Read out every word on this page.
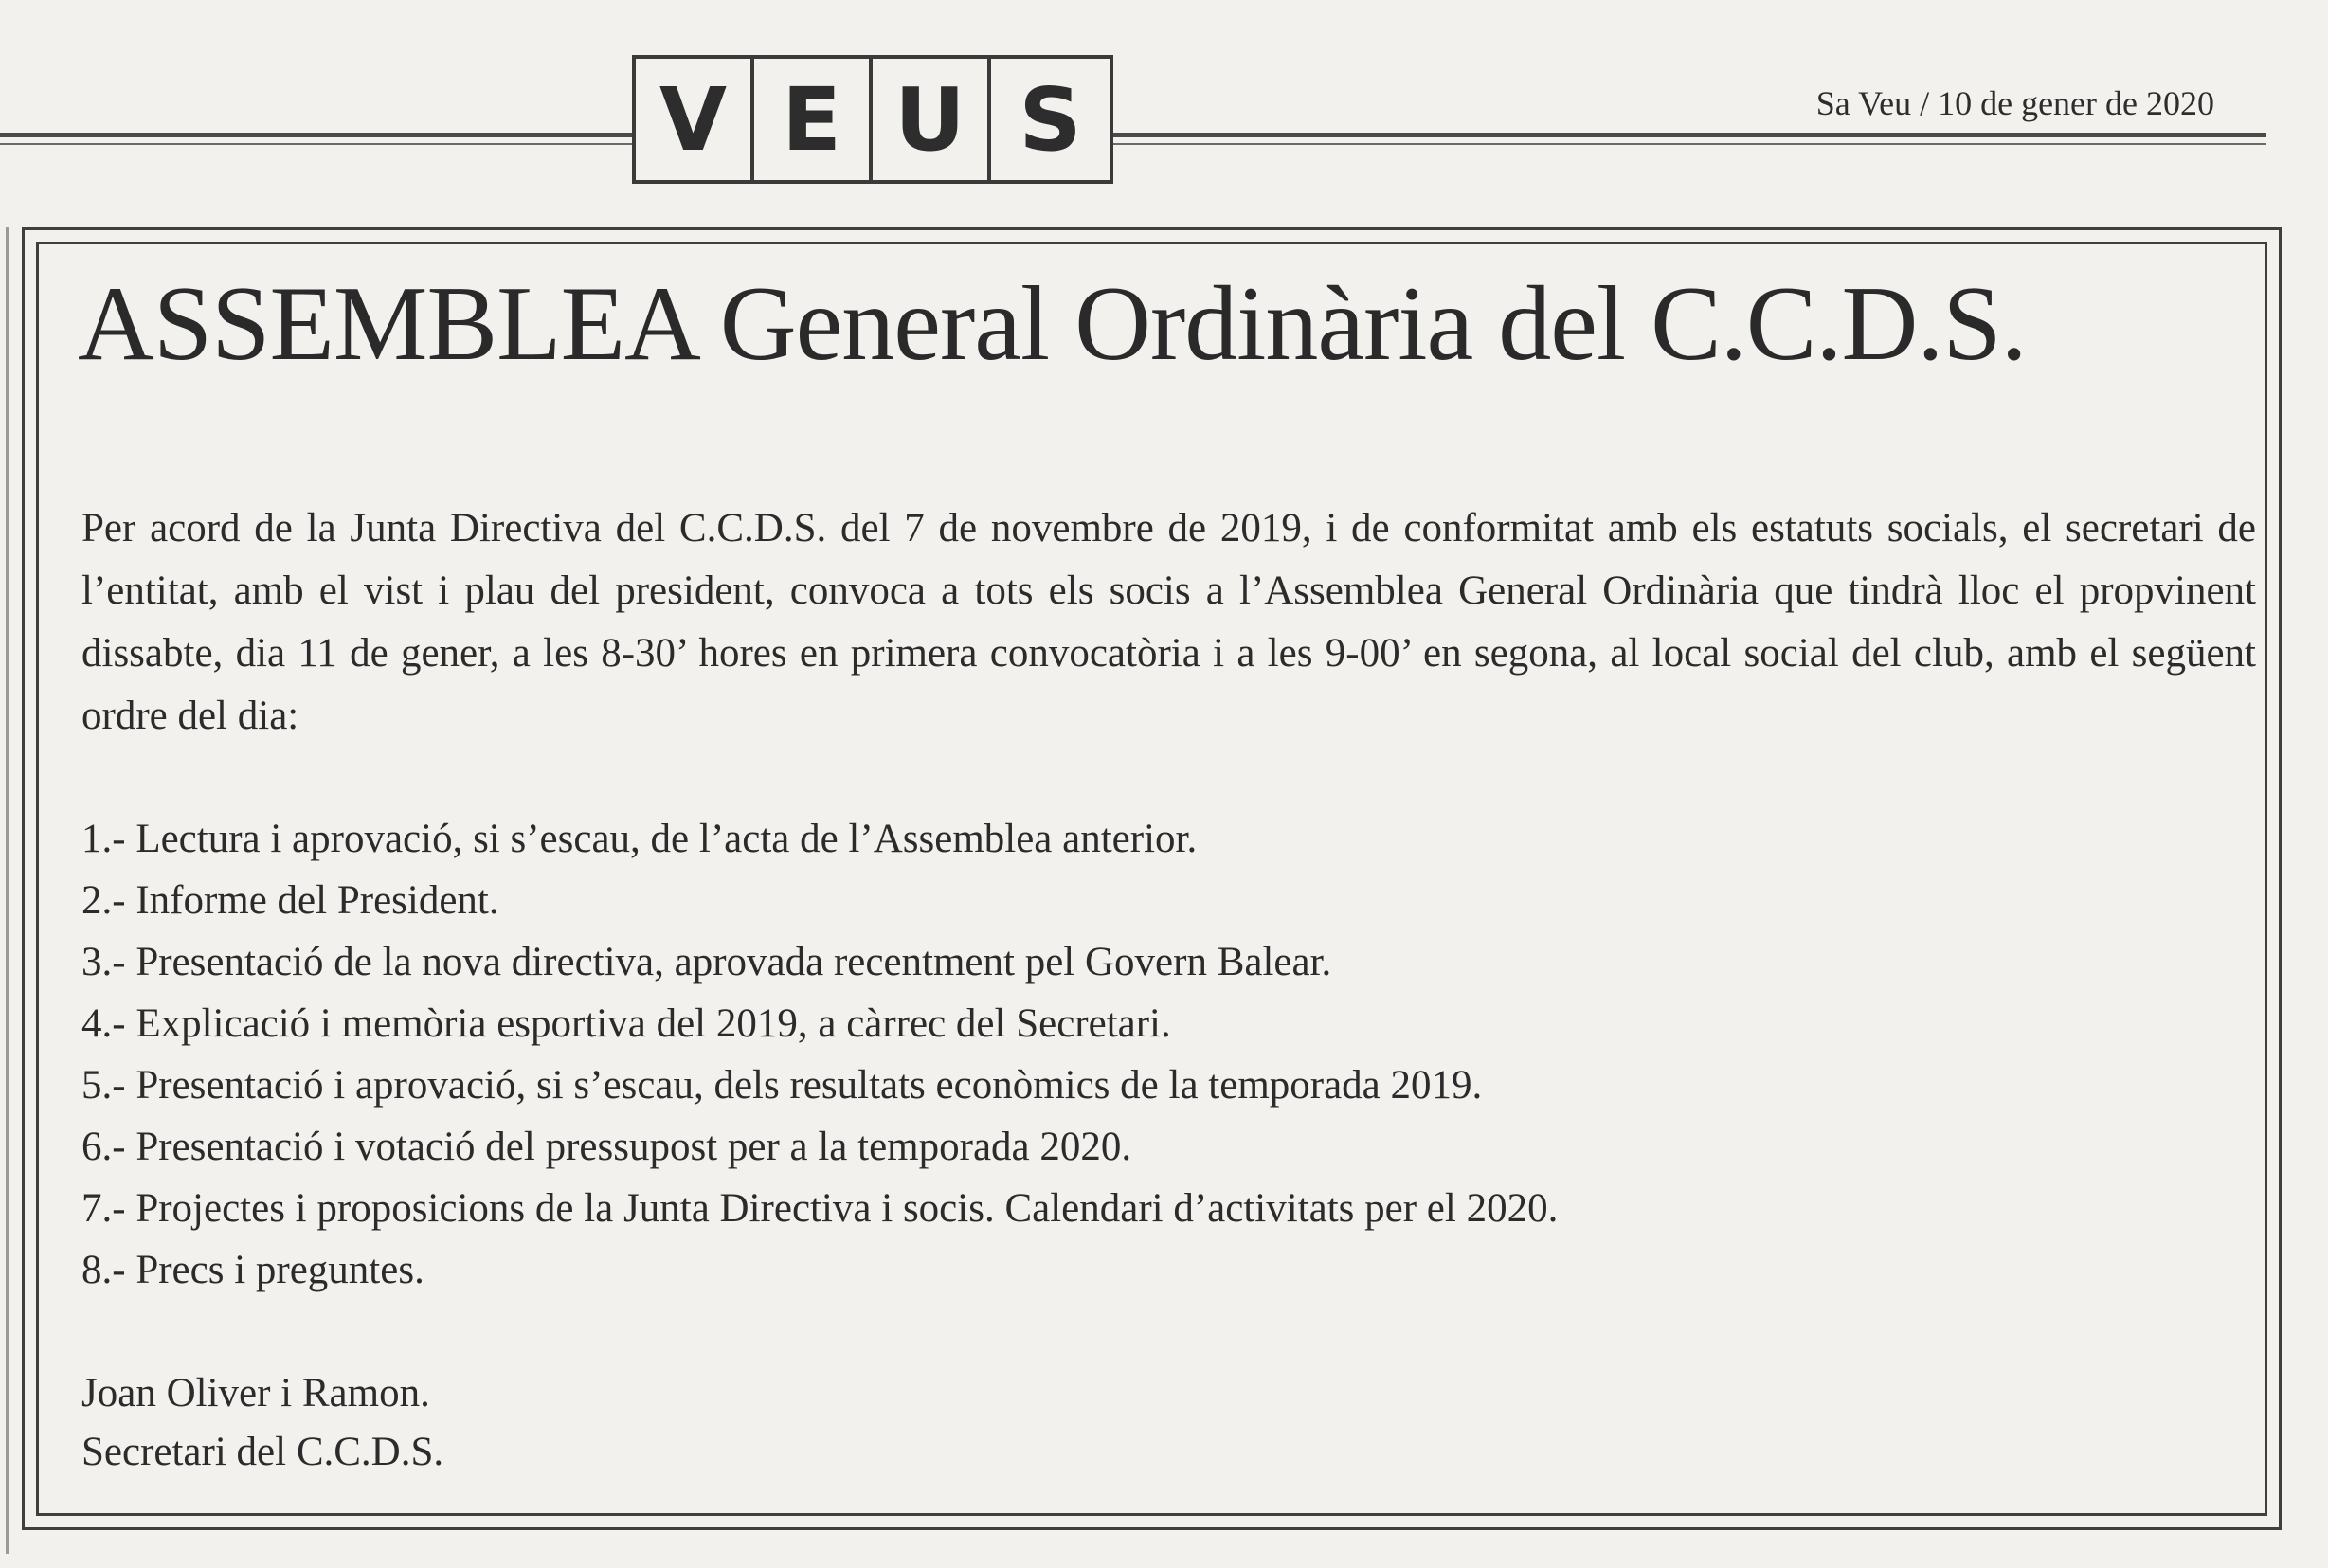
V E U S	Sa Veu / 10 de gener de 2020
ASSEMBLEA General Ordinària del C.C.D.S.

Per acord de la Junta Directiva del C.C.D.S. del 7 de novembre de 2019, i de conformitat amb els estatuts socials, el secretari de l’entitat, amb el vist i plau del president, convoca a tots els socis a l’Assemblea General Ordinària que tindrà lloc el propvinent dissabte, dia 11 de gener, a les 8-30’ hores en primera convocatòria i a les 9-00’ en segona, al local social del club, amb el següent ordre del dia:

1.- Lectura i aprovació, si s’escau, de l’acta de l’Assemblea anterior.
2.- Informe del President.
3.- Presentació de la nova directiva, aprovada recentment pel Govern Balear.
4.- Explicació i memòria esportiva del 2019, a càrrec del Secretari.
5.- Presentació i aprovació, si s’escau, dels resultats econòmics de la temporada 2019.
6.- Presentació i votació del pressupost per a la temporada 2020.
7.- Projectes i proposicions de la Junta Directiva i socis. Calendari d’activitats per el 2020.
8.- Precs i preguntes.
Joan Oliver i Ramon.
Secretari del C.C.D.S.
